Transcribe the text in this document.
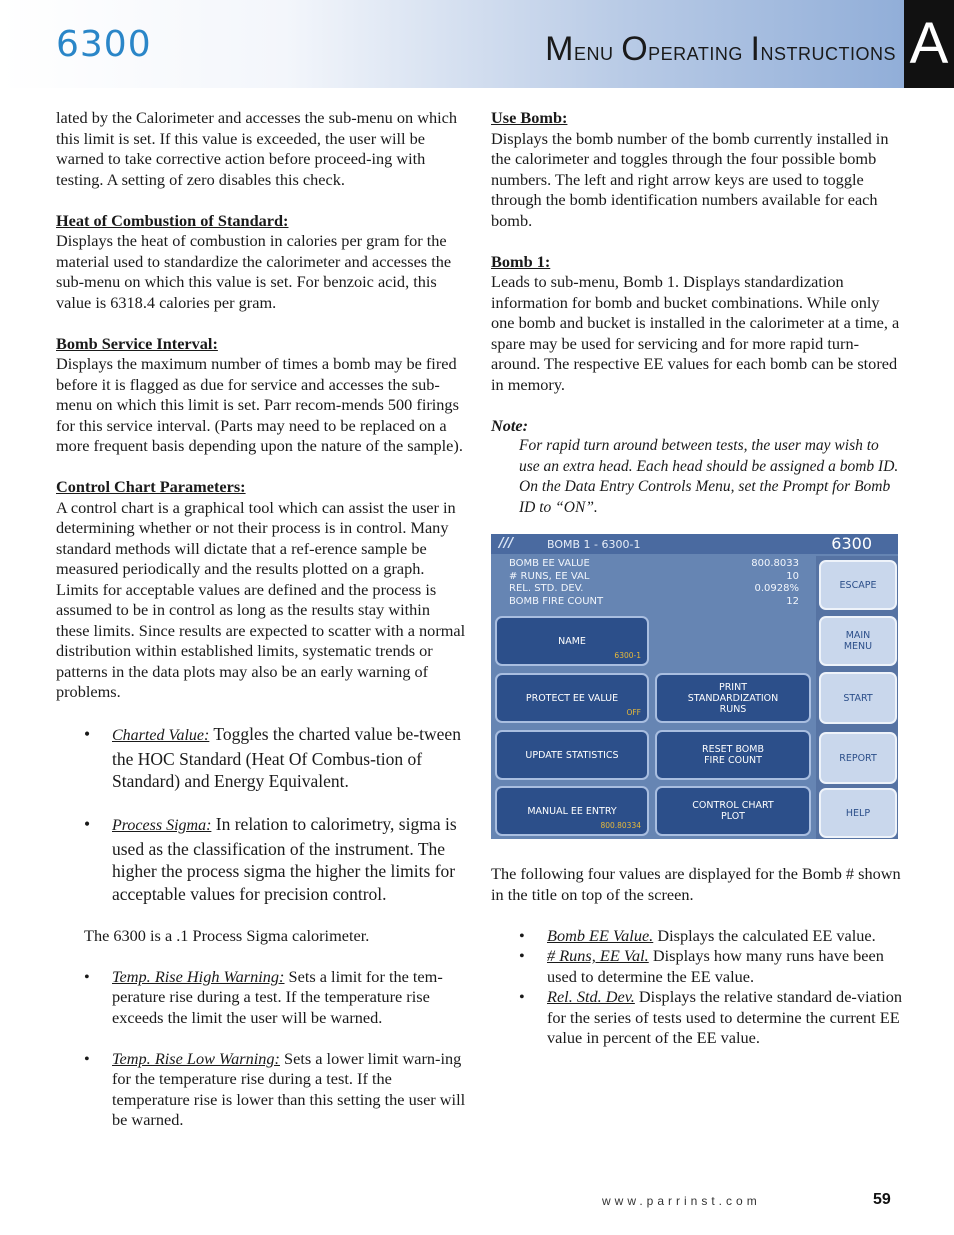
6300	Menu Operating Instructions A

lated by the Calorimeter and accesses the sub-menu on which this limit is set. If this value is exceeded, the user will be warned to take corrective action before proceed-ing with testing. A setting of zero disables this check.

Heat of Combustion of Standard:

Displays the heat of combustion in calories per gram for the material used to standardize the calorimeter and accesses the sub-menu on which this value is set. For benzoic acid, this value is 6318.4 calories per gram.

Bomb Service Interval:

Displays the maximum number of times a bomb may be fired before it is flagged as due for service and accesses the sub-menu on which this limit is set. Parr recom-mends 500 firings for this service interval. (Parts may need to be replaced on a more frequent basis depending upon the nature of the sample).

Control Chart Parameters:

A control chart is a graphical tool which can assist the user in determining whether or not their process is in control. Many standard methods will dictate that a ref-erence sample be measured periodically and the results plotted on a graph. Limits for acceptable values are defined and the process is assumed to be in control as long as the results stay within these limits. Since results are expected to scatter with a normal distribution within established limits, systematic trends or patterns in the data plots may also be an early warning of problems.

• Charted Value: Toggles the charted value be-tween the HOC Standard (Heat Of Combus-tion of Standard) and Energy Equivalent.
• Process Sigma: In relation to calorimetry, sigma is used as the classification of the instrument. The higher the process sigma the higher the limits for acceptable values for precision control.

The 6300 is a .1 Process Sigma calorimeter.

• Temp. Rise High Warning: Sets a limit for the tem-perature rise during a test. If the temperature rise exceeds the limit the user will be warned.
• Temp. Rise Low Warning: Sets a lower limit warn-ing for the temperature rise during a test. If the temperature rise is lower than this setting the user will be warned.

Use Bomb:

Displays the bomb number of the bomb currently installed in the calorimeter and toggles through the four possible bomb numbers. The left and right arrow keys are used to toggle through the bomb identification numbers available for each bomb.

Bomb 1:

Leads to sub-menu, Bomb 1. Displays standardization information for bomb and bucket combinations. While only one bomb and bucket is installed in the calorimeter at a time, a spare may be used for servicing and for more rapid turn-around. The respective EE values for each bomb can be stored in memory.

Note:

For rapid turn around between tests, the user may wish to use an extra head. Each head should be assigned a bomb ID. On the Data Entry Controls Menu, set the Prompt for Bomb ID to “ON”.

///	BOMB 1 - 6300-1	6300
BOMB EE VALUE	800.8033
# RUNS, EE VAL	10
REL. STD. DEV.	0.0928%
BOMB FIRE COUNT	12
NAME
6300-1
PROTECT EE VALUE
OFF
PRINT STANDARDIZATION RUNS
UPDATE STATISTICS	RESET BOMB FIRE COUNT
MANUAL EE ENTRY
800.80334
CONTROL CHART PLOT
ESCAPE
MAIN MENU
START
REPORT
HELP

The following four values are displayed for the Bomb # shown in the title on top of the screen.

• Bomb EE Value. Displays the calculated EE value.
• # Runs, EE Val. Displays how many runs have been used to determine the EE value.
• Rel. Std. Dev. Displays the relative standard de-viation for the series of tests used to determine the current EE value in percent of the EE value.
www.parrinst.com	59
